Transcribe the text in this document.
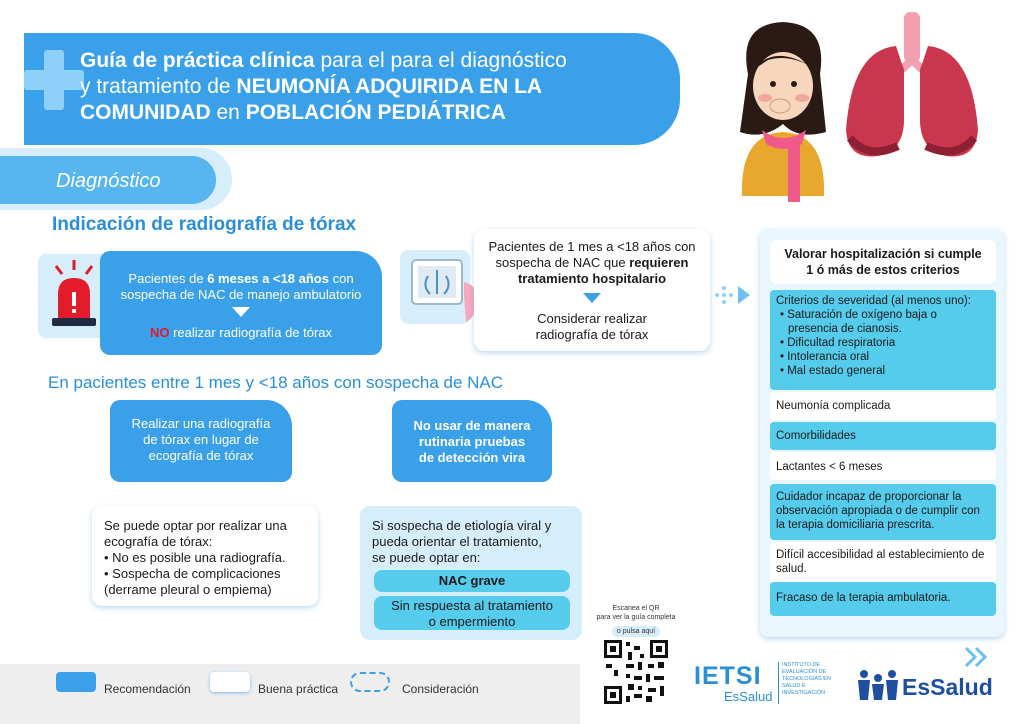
Guía de práctica clínica para el para el diagnóstico
y tratamiento de NEUMONÍA ADQUIRIDA EN LA
COMUNIDAD en POBLACIÓN PEDIÁTRICA
Diagnóstico
Indicación de radiografía de tórax
Pacientes de 6 meses a <18 años con
sospecha de NAC de manejo ambulatorio
NO realizar radiografía de tórax
Pacientes de 1 mes a <18 años con
sospecha de NAC que requieren
tratamiento hospitalario
Considerar realizar
radiografía de tórax
En pacientes entre 1 mes y <18 años con sospecha de NAC
Realizar una radiografía
de tórax en lugar de
ecografía de tórax
No usar de manera
rutinaria pruebas
de detección vira
Se puede optar por realizar una
ecografía de tórax:
• No es posible una radiografía.
• Sospecha de complicaciones
(derrame pleural o empiema)
Si sospecha de etiología viral y
pueda orientar el tratamiento,
se puede optar en:
NAC grave
Sin respuesta al tratamiento
o empermiento
Valorar hospitalización si cumple
1 ó más de estos criterios
Criterios de severidad (al menos uno):
• Saturación de oxígeno baja o
presencia de cianosis.
• Dificultad respiratoria
• Intolerancia oral
• Mal estado general
Neumonía complicada
Comorbilidades
Lactantes < 6 meses
Cuidador incapaz de proporcionar la observación apropiada o de cumplir con la terapia domiciliaria prescrita.
Difícil accesibilidad al establecimiento de salud.
Fracaso de la terapia ambulatoria.
Recomendación	Buena práctica	Consideración
Escanea el QR
para ver la guía completa
o pulsa aquí
IETSI
EsSalud
INSTITUTO DE
EVALUACIÓN DE
TECNOLOGÍAS EN
SALUD E
INVESTIGACIÓN	EsSalud
